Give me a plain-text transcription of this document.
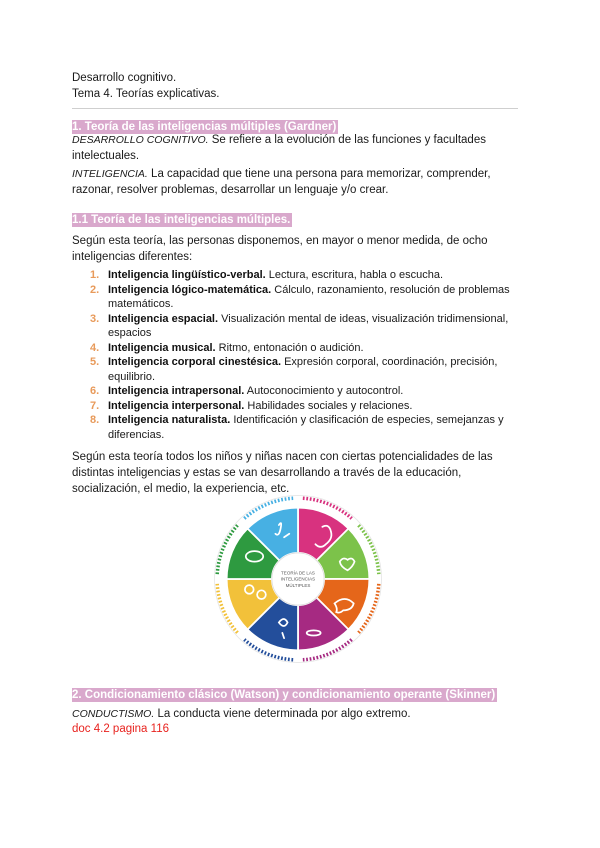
Desarrollo cognitivo.
Tema 4. Teorías explicativas.
1. Teoría de las inteligencias múltiples (Gardner)
DESARROLLO COGNITIVO. Se refiere a la evolución de las funciones y facultades intelectuales.
INTELIGENCIA. La capacidad que tiene una persona para memorizar, comprender, razonar, resolver problemas, desarrollar un lenguaje y/o crear.
1.1 Teoría de las inteligencias múltiples.
Según esta teoría, las personas disponemos, en mayor o menor medida, de ocho inteligencias diferentes:
1. Inteligencia lingüístico-verbal. Lectura, escritura, habla o escucha.
2. Inteligencia lógico-matemática. Cálculo, razonamiento, resolución de problemas matemáticos.
3. Inteligencia espacial. Visualización mental de ideas, visualización tridimensional, espacios
4. Inteligencia musical. Ritmo, entonación o audición.
5. Inteligencia corporal cinestésica. Expresión corporal, coordinación, precisión, equilibrio.
6. Inteligencia intrapersonal. Autoconocimiento y autocontrol.
7. Inteligencia interpersonal. Habilidades sociales y relaciones.
8. Inteligencia naturalista. Identificación y clasificación de especies, semejanzas y diferencias.
Según esta teoría todos los niños y niñas nacen con ciertas potencialidades de las distintas inteligencias y estas se van desarrollando a través de la educación, socialización, el medio, la experiencia, etc.
TEORÍA DE LAS
INTELIGENCIAS
MÚLTIPLES
2. Condicionamiento clásico (Watson) y condicionamiento operante (Skinner)
CONDUCTISMO. La conducta viene determinada por algo extremo.
doc 4.2 pagina 116
